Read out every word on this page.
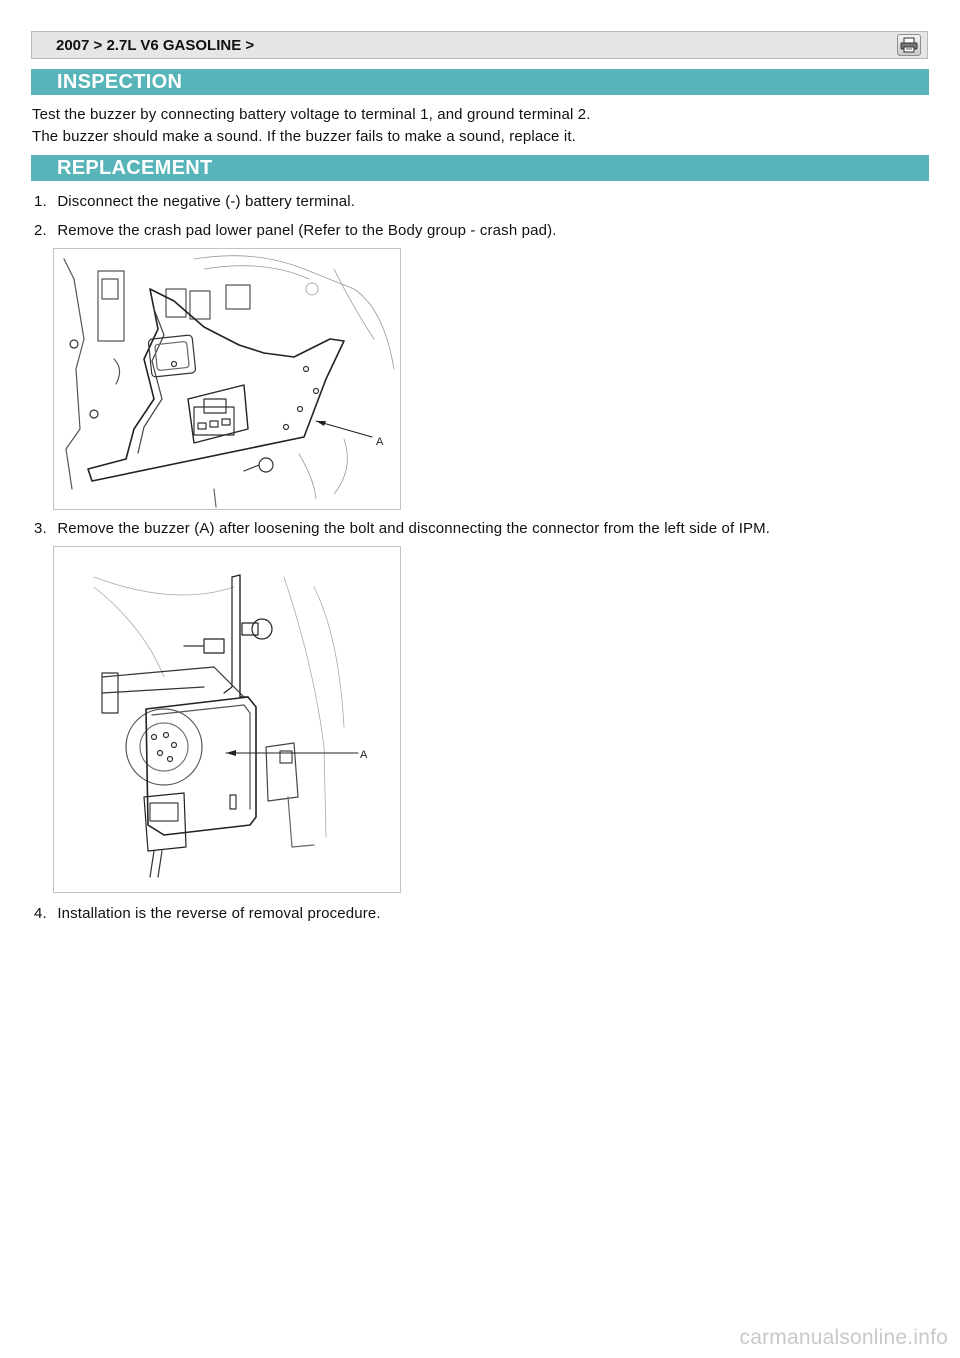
2007 > 2.7L V6 GASOLINE >
INSPECTION
Test the buzzer by connecting battery voltage to terminal 1, and ground terminal 2.
The buzzer should make a sound. If the buzzer fails to make a sound, replace it.
REPLACEMENT
1. Disconnect the negative (-) battery terminal.
2. Remove the crash pad lower panel (Refer to the Body group - crash pad).
A
3. Remove the buzzer (A) after loosening the bolt and disconnecting the connector from the left side of IPM.
A
4. Installation is the reverse of removal procedure.
carmanualsonline.info
